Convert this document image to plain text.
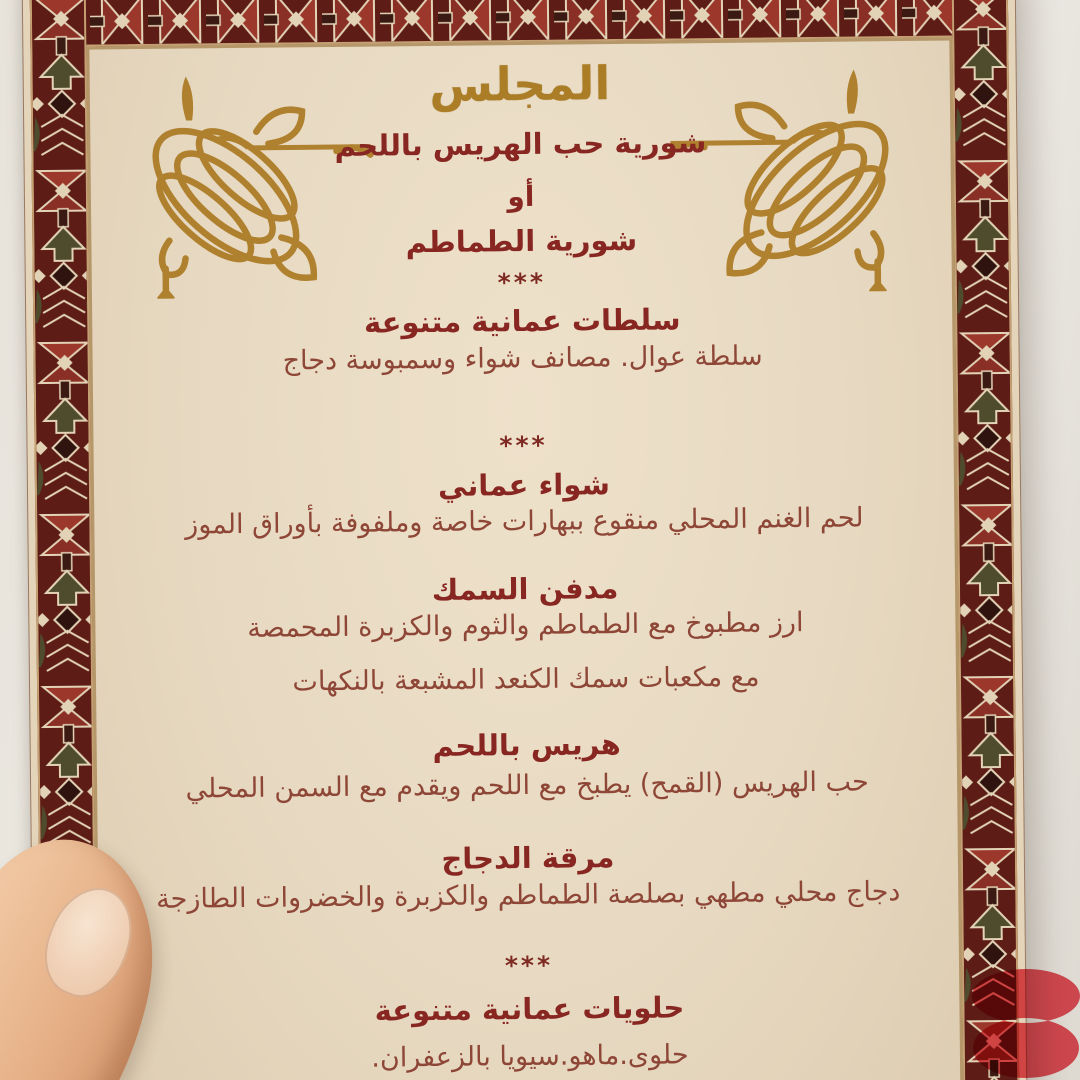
المجلس
شورية حب الهريس باللحم
أو
شورية الطماطم
***
سلطات عمانية متنوعة
سلطة عوال. مصانف شواء وسمبوسة دجاج
***
شواء عماني
لحم الغنم المحلي منقوع ببهارات خاصة وملفوفة بأوراق الموز
مدفن السمك
ارز مطبوخ مع الطماطم والثوم والكزبرة المحمصة
مع مكعبات سمك الكنعد المشبعة بالنكهات
هريس باللحم
حب الهريس (القمح) يطبخ مع اللحم ويقدم مع السمن المحلي
مرقة الدجاج
دجاج محلي مطهي بصلصة الطماطم والكزبرة والخضروات الطازجة
***
حلويات عمانية متنوعة
حلوى.ماهو.سيويا بالزعفران.
